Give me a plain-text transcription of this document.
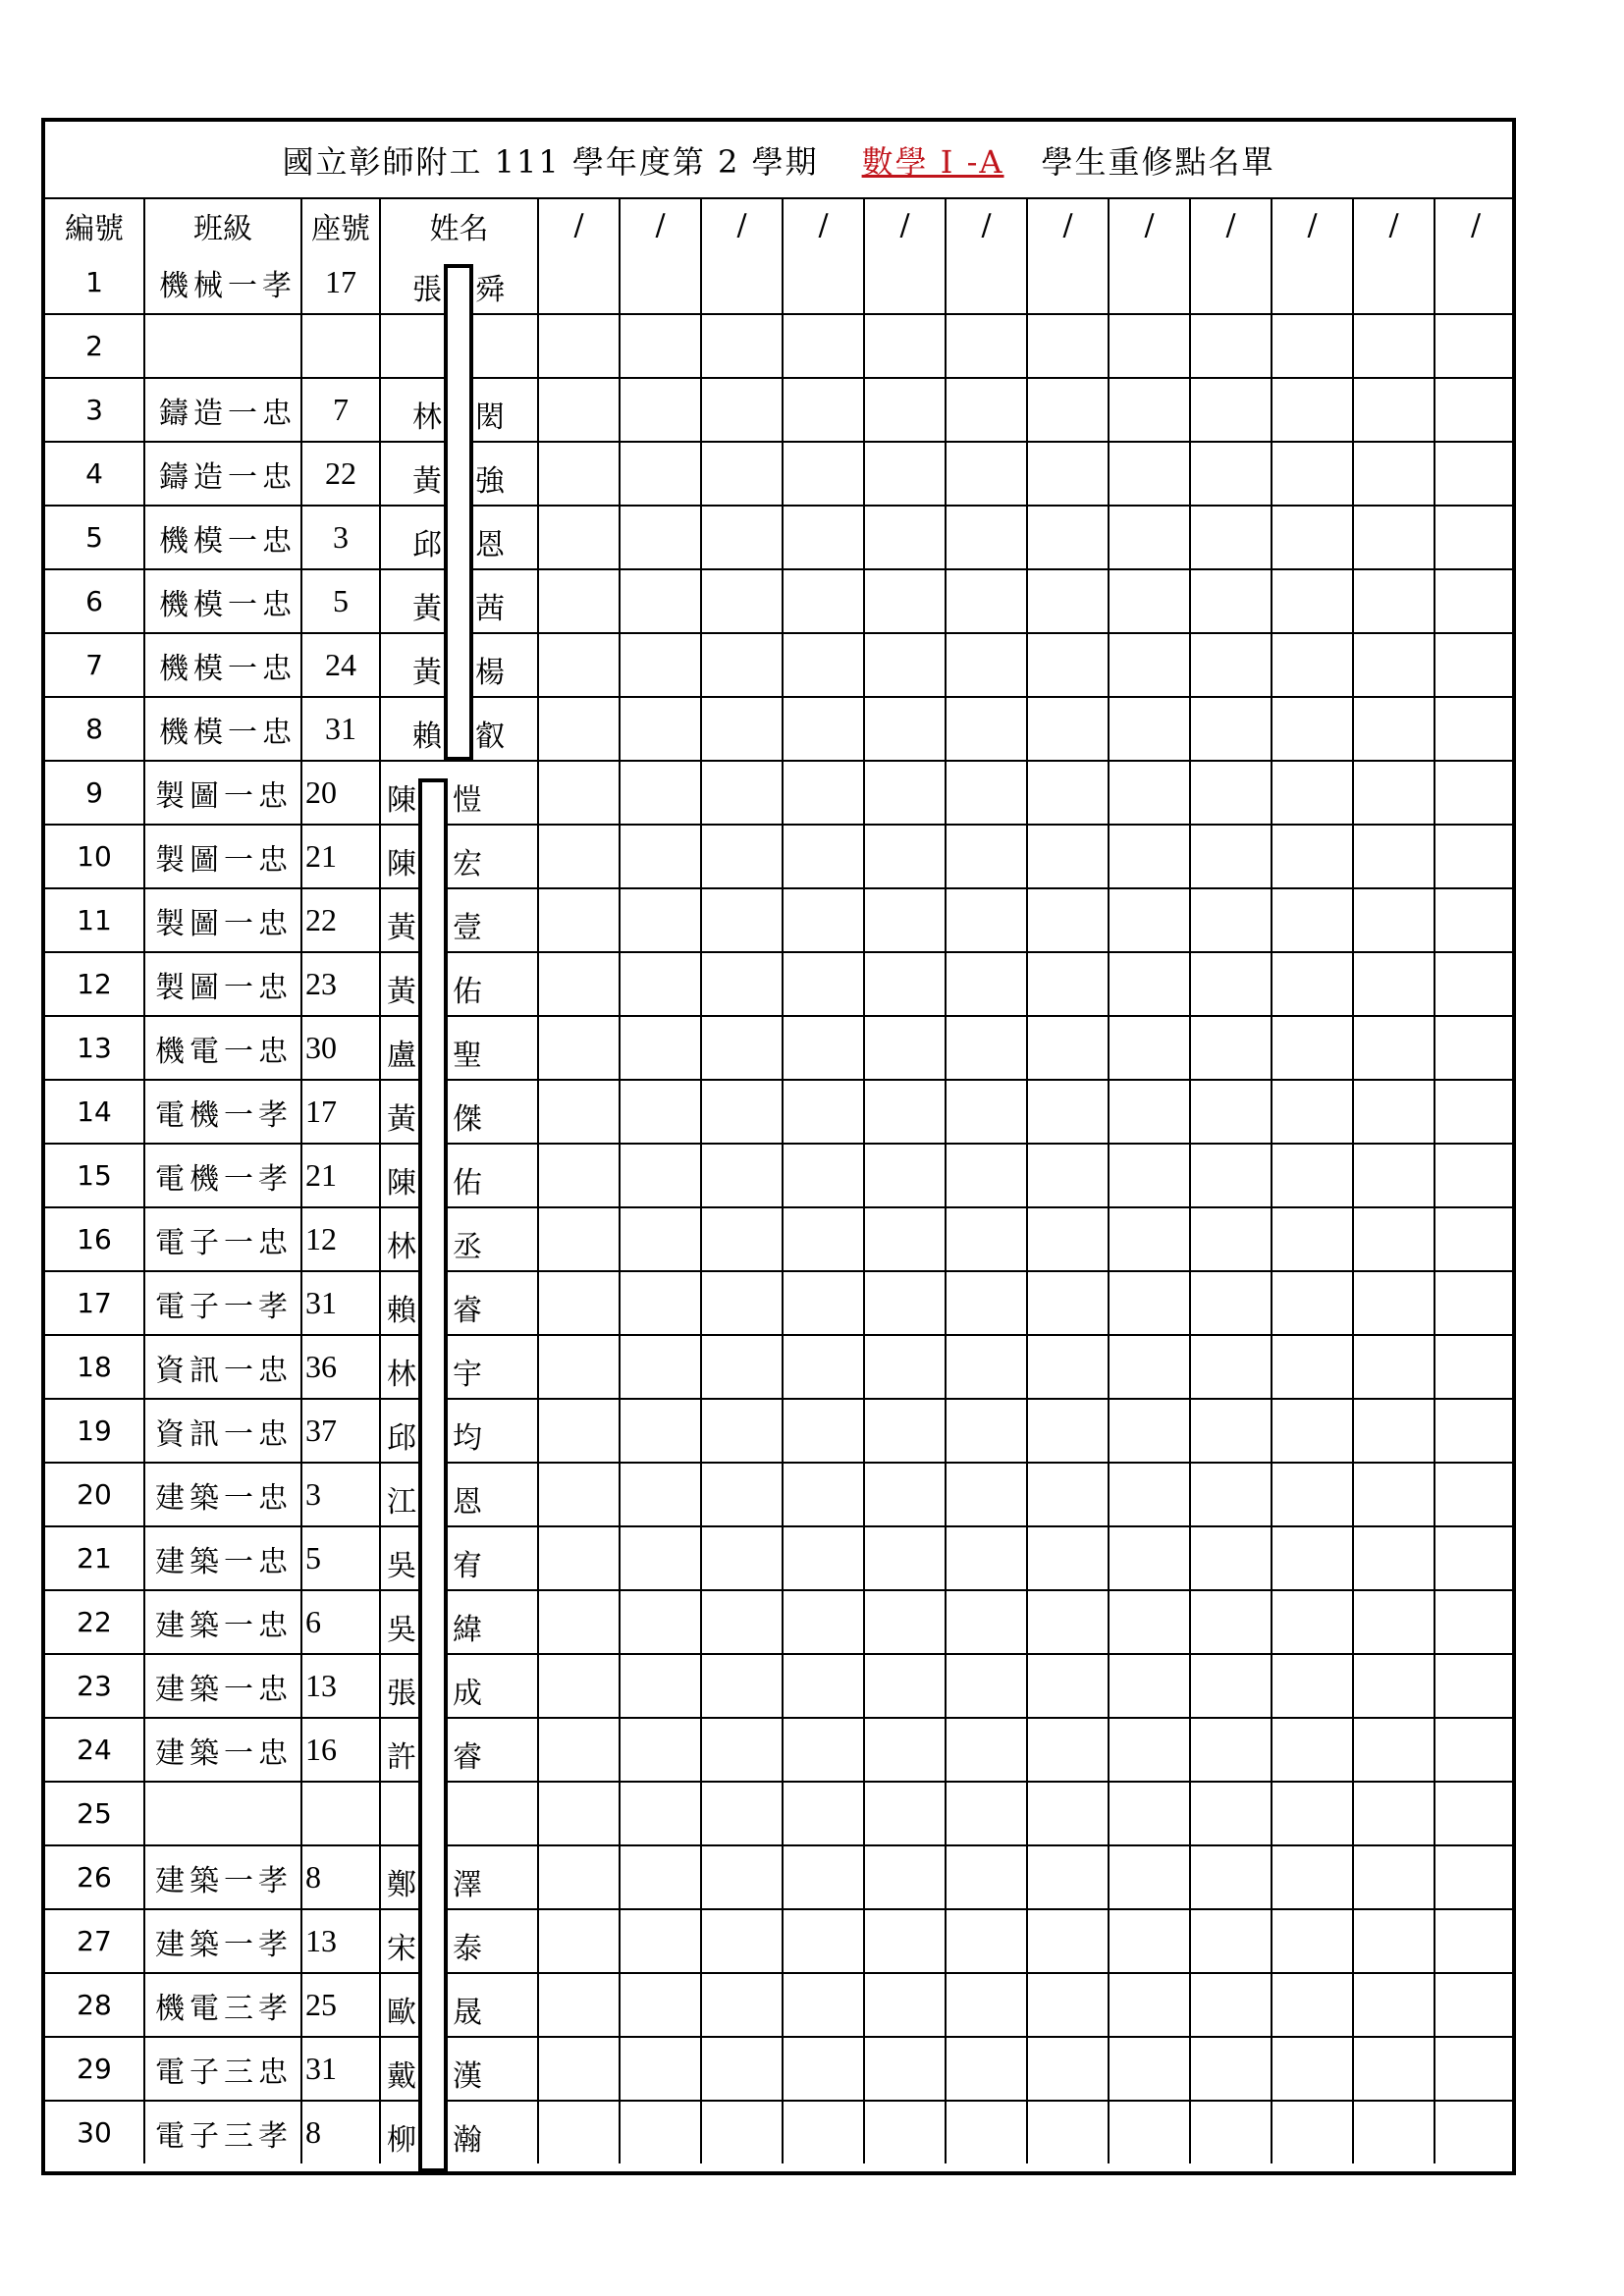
國立彰師附工 111 學年度第 2 學期 數學 I -A 學生重修點名單
編號	班級	座號	姓名	/	/	/	/	/	/	/	/	/	/	/	/
1	機械一孝	17	張 舜												

2			

3	鑄造一忠	7	林 閎												

4	鑄造一忠	22	黃 強												

5	機模一忠	3	邱 恩												

6	機模一忠	5	黃 茜												

7	機模一忠	24	黃 楊												

8	機模一忠	31	賴 叡												

9	製圖一忠	20	陳 愷												

10	製圖一忠	21	陳 宏												

11	製圖一忠	22	黃 壹												

12	製圖一忠	23	黃 佑												

13	機電一忠	30	盧 聖												

14	電機一孝	17	黃 傑												

15	電機一孝	21	陳 佑												

16	電子一忠	12	林 丞												

17	電子一孝	31	賴 睿												

18	資訊一忠	36	林 宇												

19	資訊一忠	37	邱 均												

20	建築一忠	3	江 恩												

21	建築一忠	5	吳 宥												

22	建築一忠	6	吳 緯												

23	建築一忠	13	張 成												

24	建築一忠	16	許 睿												

25			

26	建築一孝	8	鄭 澤												

27	建築一孝	13	宋 泰												

28	機電三孝	25	歐 晟												

29	電子三忠	31	戴 漢												

30	電子三孝	8	柳 瀚												
